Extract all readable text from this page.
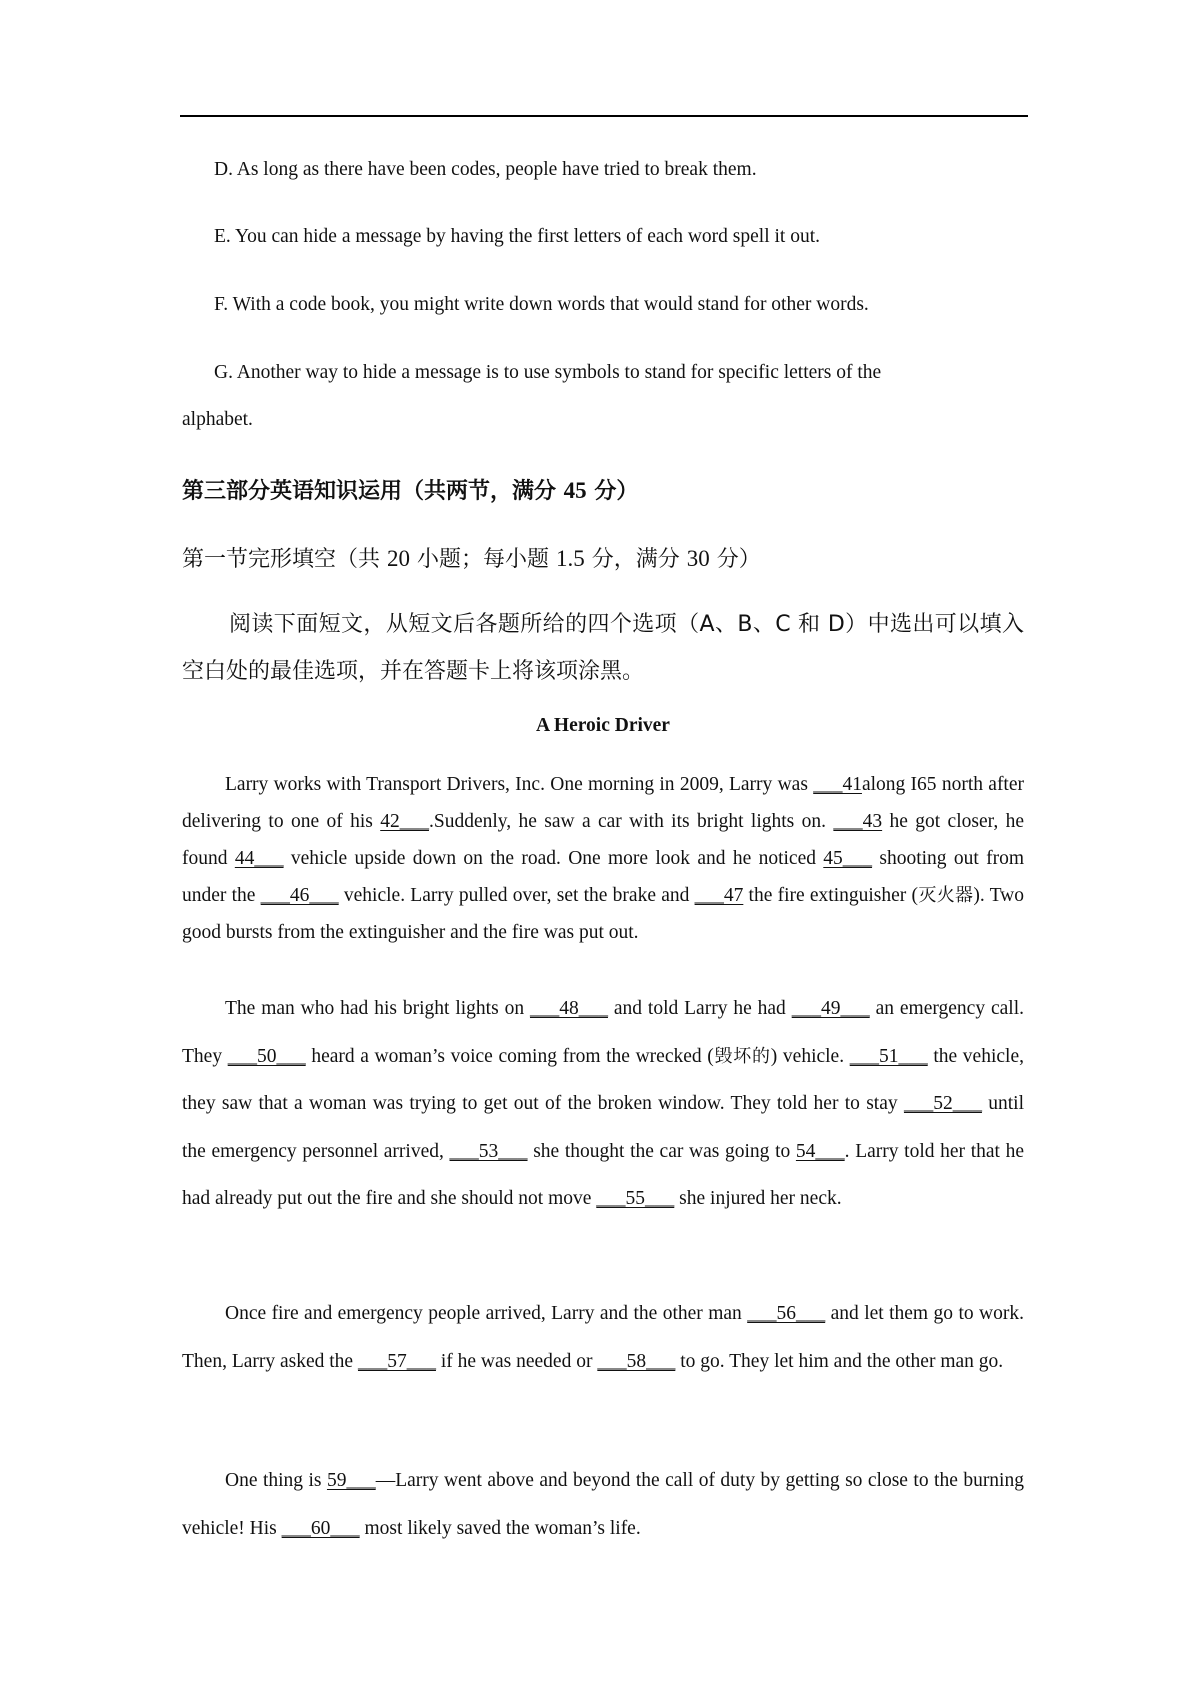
D. As long as there have been codes, people have tried to break them.
E. You can hide a message by having the first letters of each word spell it out.
F. With a code book, you might write down words that would stand for other words.
G. Another way to hide a message is to use symbols to stand for specific letters of the
alphabet.
第三部分英语知识运用（共两节，满分 45 分）
第一节完形填空（共 20 小题；每小题 1.5 分，满分 30 分）
阅读下面短文，从短文后各题所给的四个选项（A、B、C 和 D）中选出可以填入空白处的最佳选项，并在答题卡上将该项涂黑。
A Heroic Driver
Larry works with Transport Drivers, Inc. One morning in 2009, Larry was ___41along I65 north after delivering to one of his 42___.Suddenly, he saw a car with its bright lights on. ___43 he got closer, he found 44___ vehicle upside down on the road. One more look and he noticed 45___ shooting out from under the ___46___ vehicle. Larry pulled over, set the brake and ___47 the fire extinguisher (灭火器). Two good bursts from the extinguisher and the fire was put out.
The man who had his bright lights on ___48___ and told Larry he had ___49___ an emergency call. They ___50___ heard a woman’s voice coming from the wrecked (毁坏的) vehicle. ___51___ the vehicle, they saw that a woman was trying to get out of the broken window. They told her to stay ___52___ until the emergency personnel arrived, ___53___ she thought the car was going to 54___. Larry told her that he had already put out the fire and she should not move ___55___ she injured her neck.
Once fire and emergency people arrived, Larry and the other man ___56___ and let them go to work. Then, Larry asked the ___57___ if he was needed or ___58___ to go. They let him and the other man go.
One thing is 59___—Larry went above and beyond the call of duty by getting so close to the burning vehicle! His ___60___ most likely saved the woman’s life.
